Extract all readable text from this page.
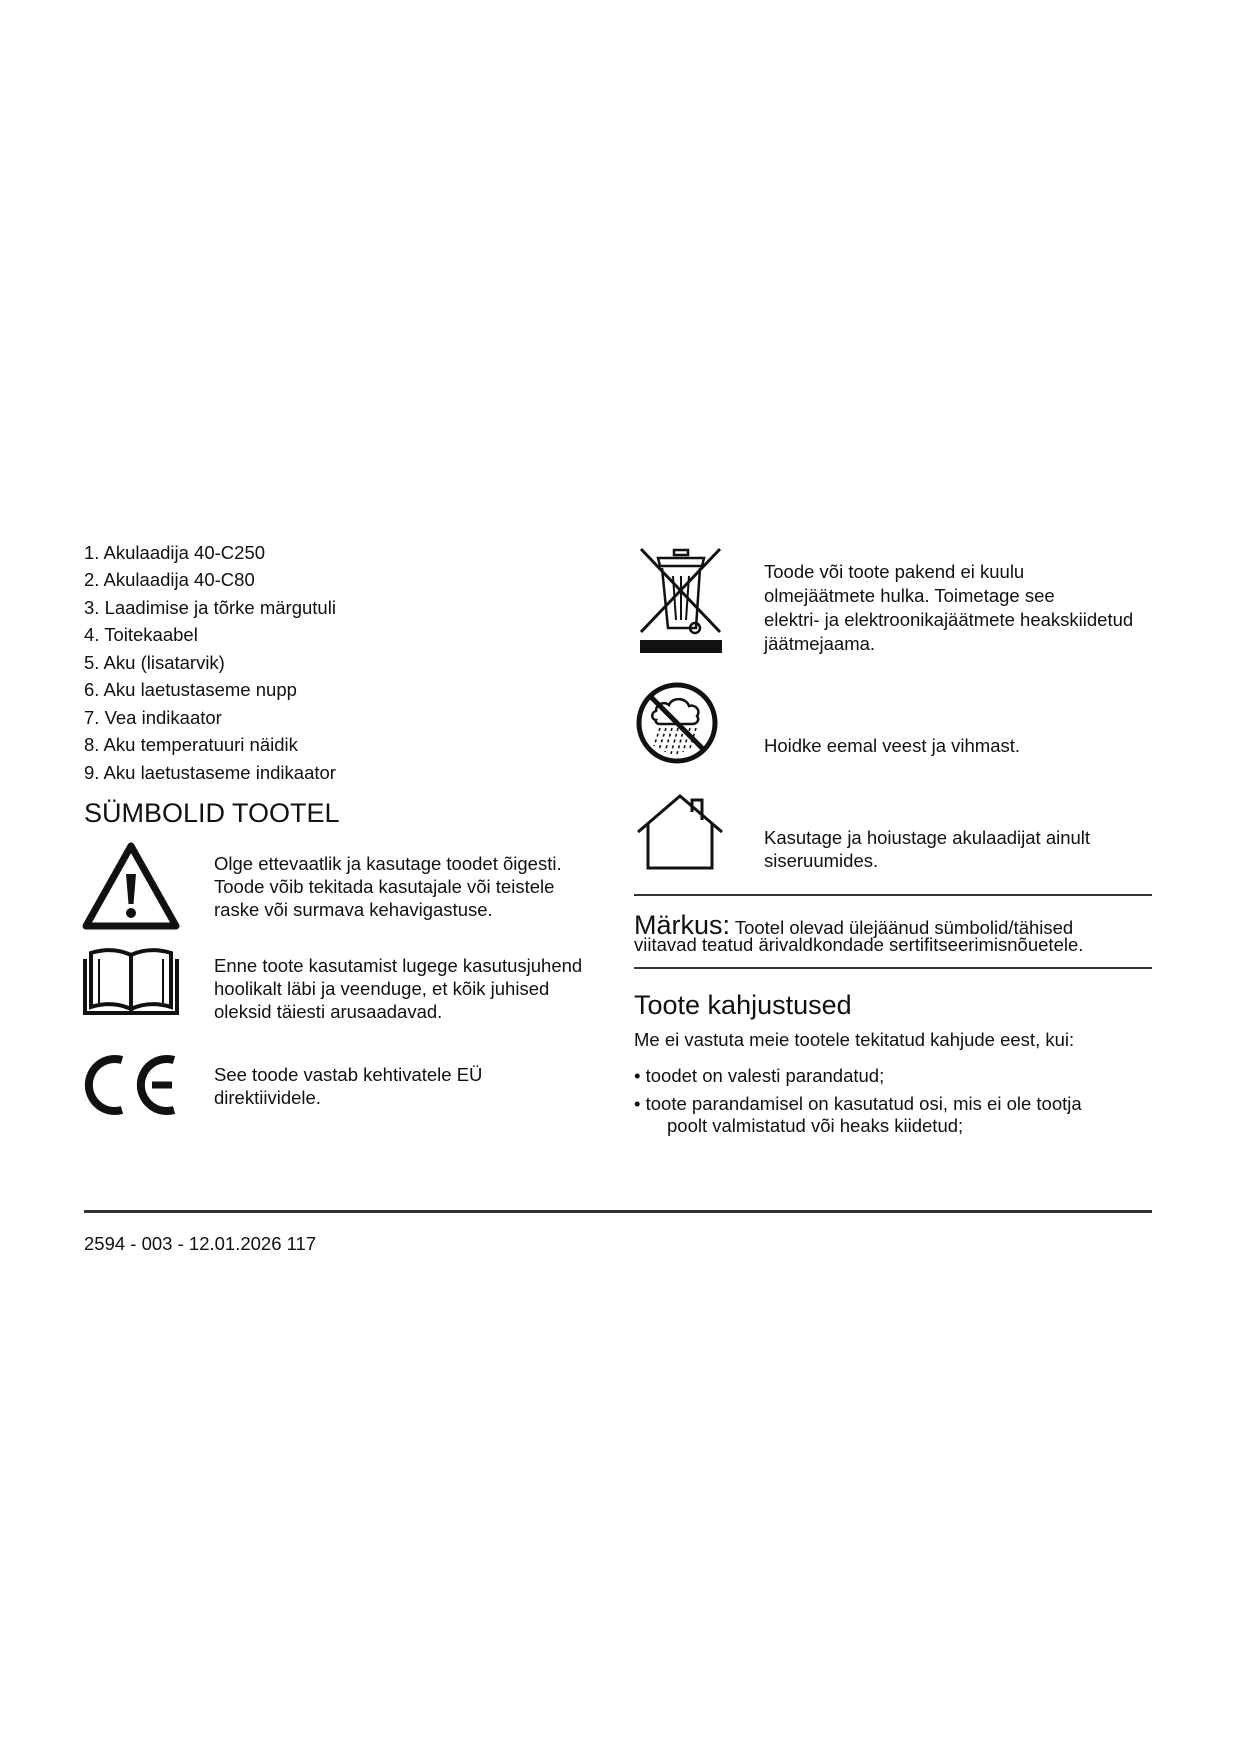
1. Akulaadija 40-C250
2. Akulaadija 40-C80
3. Laadimise ja tõrke märgutuli
4. Toitekaabel
5. Aku (lisatarvik)
6. Aku laetustaseme nupp
7. Vea indikaator
8. Aku temperatuuri näidik
9. Aku laetustaseme indikaator
SÜMBOLID TOOTEL
Olge ettevaatlik ja kasutage toodet õigesti.
Toode võib tekitada kasutajale või teistele
raske või surmava kehavigastuse.
Enne toote kasutamist lugege kasutusjuhend
hoolikalt läbi ja veenduge, et kõik juhised
oleksid täiesti arusaadavad.
See toode vastab kehtivatele EÜ
direktiividele.
Toode või toote pakend ei kuulu
olmejäätmete hulka. Toimetage see
elektri- ja elektroonikajäätmete heakskiidetud
jäätmejaama.
Hoidke eemal veest ja vihmast.
Kasutage ja hoiustage akulaadijat ainult
siseruumides.
Märkus: Tootel olevad ülejäänud sümbolid/tähised
viitavad teatud ärivaldkondade sertifitseerimisnõuetele.
Toote kahjustused
Me ei vastuta meie tootele tekitatud kahjude eest, kui:
• toodet on valesti parandatud;
• toote parandamisel on kasutatud osi, mis ei ole tootja
poolt valmistatud või heaks kiidetud;
2594 - 003 - 12.01.2026 117
